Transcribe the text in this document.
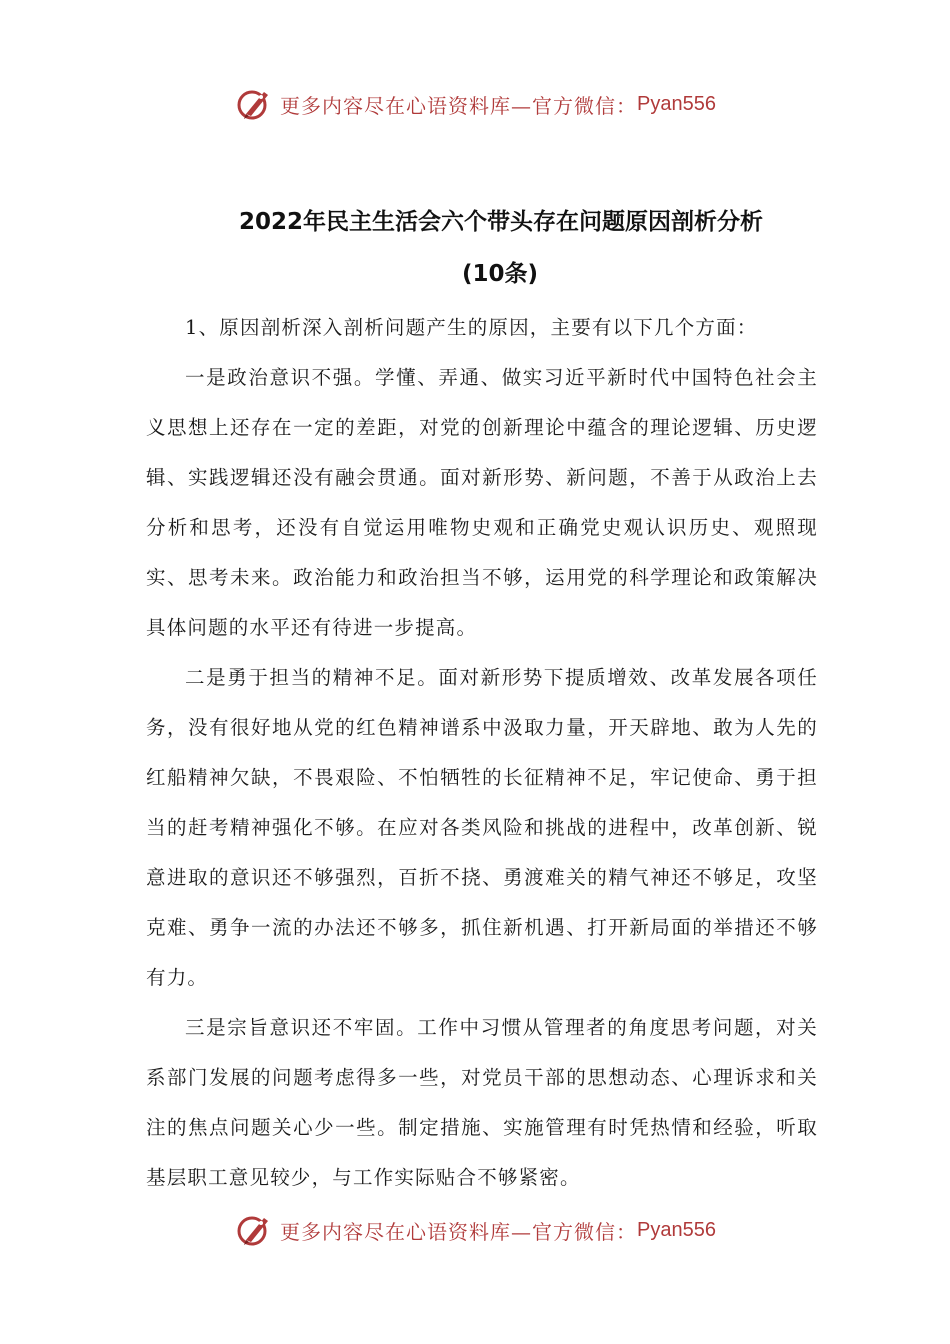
更多内容尽在心语资料库—官方微信： Pyan556
2022年民主生活会六个带头存在问题原因剖析分析
(10条)

1、原因剖析深入剖析问题产生的原因，主要有以下几个方面：

一是政治意识不强。学懂、弄通、做实习近平新时代中国特色社会主义思想上还存在一定的差距，对党的创新理论中蕴含的理论逻辑、历史逻辑、实践逻辑还没有融会贯通。面对新形势、新问题，不善于从政治上去分析和思考，还没有自觉运用唯物史观和正确党史观认识历史、观照现实、思考未来。政治能力和政治担当不够，运用党的科学理论和政策解决具体问题的水平还有待进一步提高。

二是勇于担当的精神不足。面对新形势下提质增效、改革发展各项任务，没有很好地从党的红色精神谱系中汲取力量，开天辟地、敢为人先的红船精神欠缺，不畏艰险、不怕牺牲的长征精神不足，牢记使命、勇于担当的赶考精神强化不够。在应对各类风险和挑战的进程中，改革创新、锐意进取的意识还不够强烈，百折不挠、勇渡难关的精气神还不够足，攻坚克难、勇争一流的办法还不够多，抓住新机遇、打开新局面的举措还不够有力。

三是宗旨意识还不牢固。工作中习惯从管理者的角度思考问题，对关系部门发展的问题考虑得多一些，对党员干部的思想动态、心理诉求和关注的焦点问题关心少一些。制定措施、实施管理有时凭热情和经验，听取基层职工意见较少，与工作实际贴合不够紧密。

更多内容尽在心语资料库—官方微信： Pyan556
